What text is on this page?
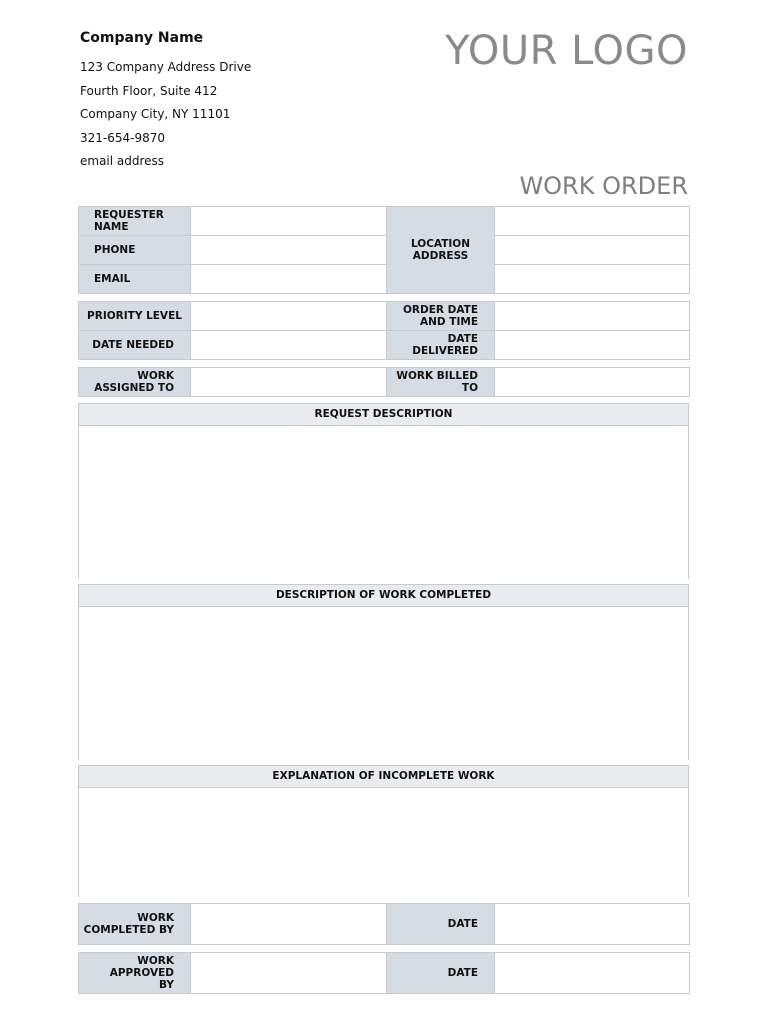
Company Name
123 Company Address Drive
Fourth Floor, Suite 412
Company City, NY 11101
321-654-9870
email address
YOUR LOGO
WORK ORDER
REQUESTER NAME		LOCATION ADDRESS	
PHONE			
EMAIL			
PRIORITY LEVEL		ORDER DATE AND TIME	
DATE NEEDED		DATE DELIVERED	
WORK ASSIGNED TO		WORK BILLED TO	
REQUEST DESCRIPTION
DESCRIPTION OF WORK COMPLETED
EXPLANATION OF INCOMPLETE WORK
WORK COMPLETED BY		DATE	
WORK APPROVED BY		DATE	
